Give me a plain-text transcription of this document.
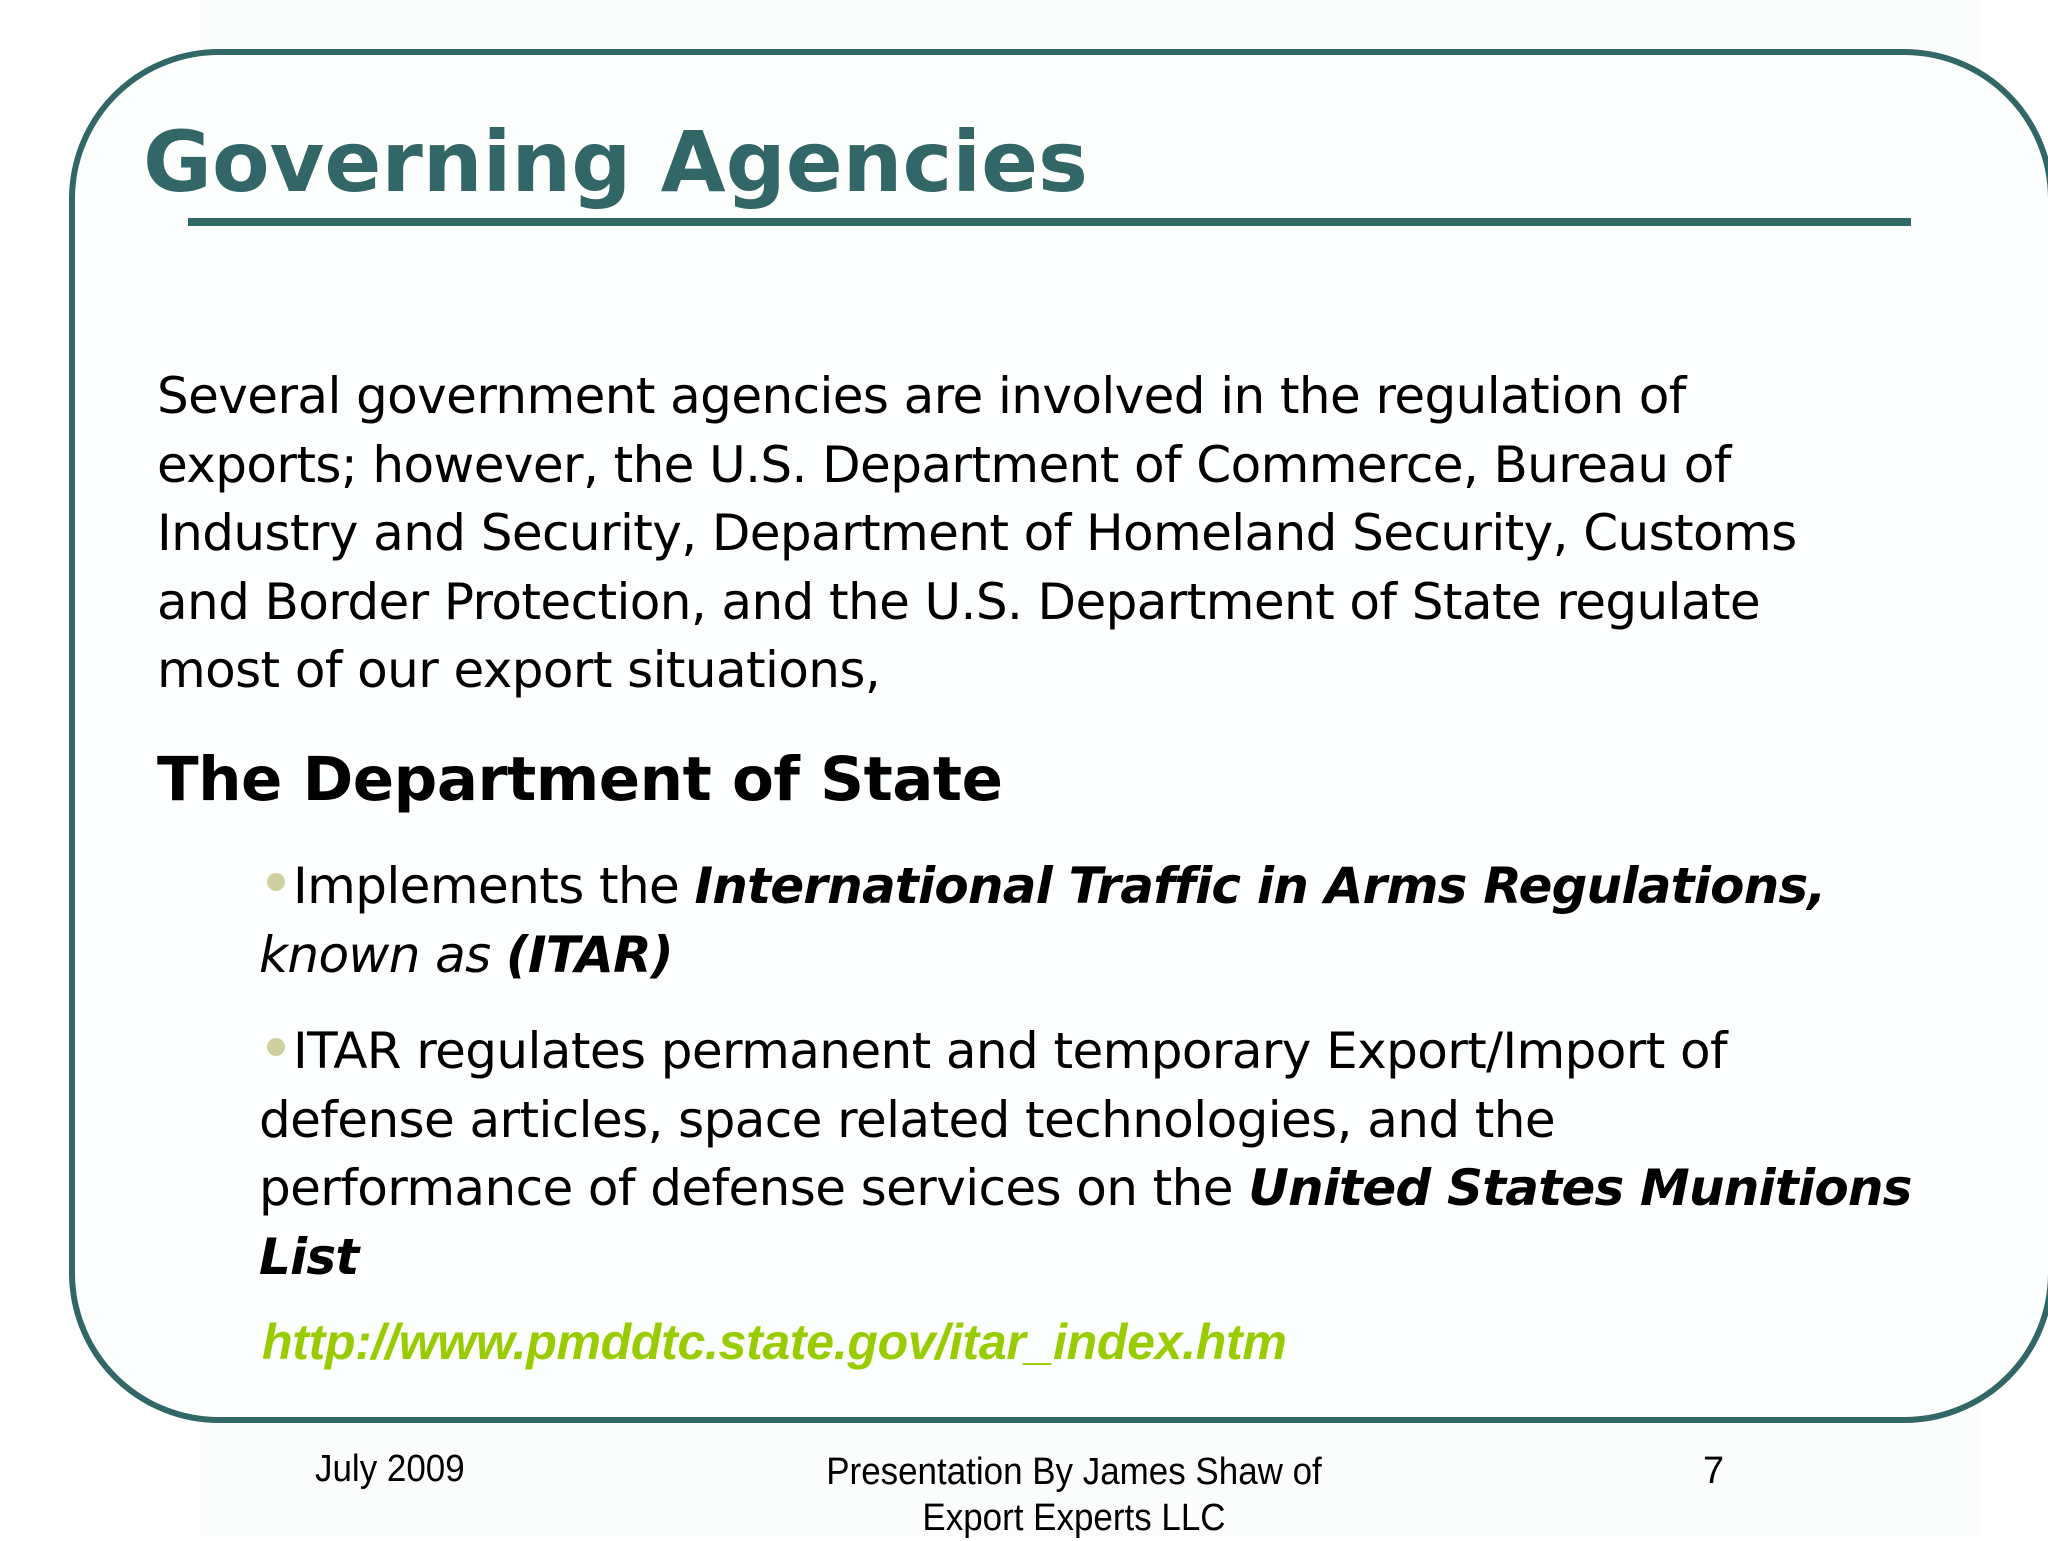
Governing Agencies
Several government agencies are involved in the regulation of
exports; however, the U.S. Department of Commerce, Bureau of
Industry and Security, Department of Homeland Security, Customs
and Border Protection, and the U.S. Department of State regulate
most of our export situations,
The Department of State
Implements the International Traffic in Arms Regulations,
known as (ITAR)
ITAR regulates permanent and temporary Export/Import of
defense articles, space related technologies, and the
performance of defense services on the United States Munitions
List
http://www.pmddtc.state.gov/itar_index.htm
July 2009	Presentation By James Shaw of
Export Experts LLC
7
